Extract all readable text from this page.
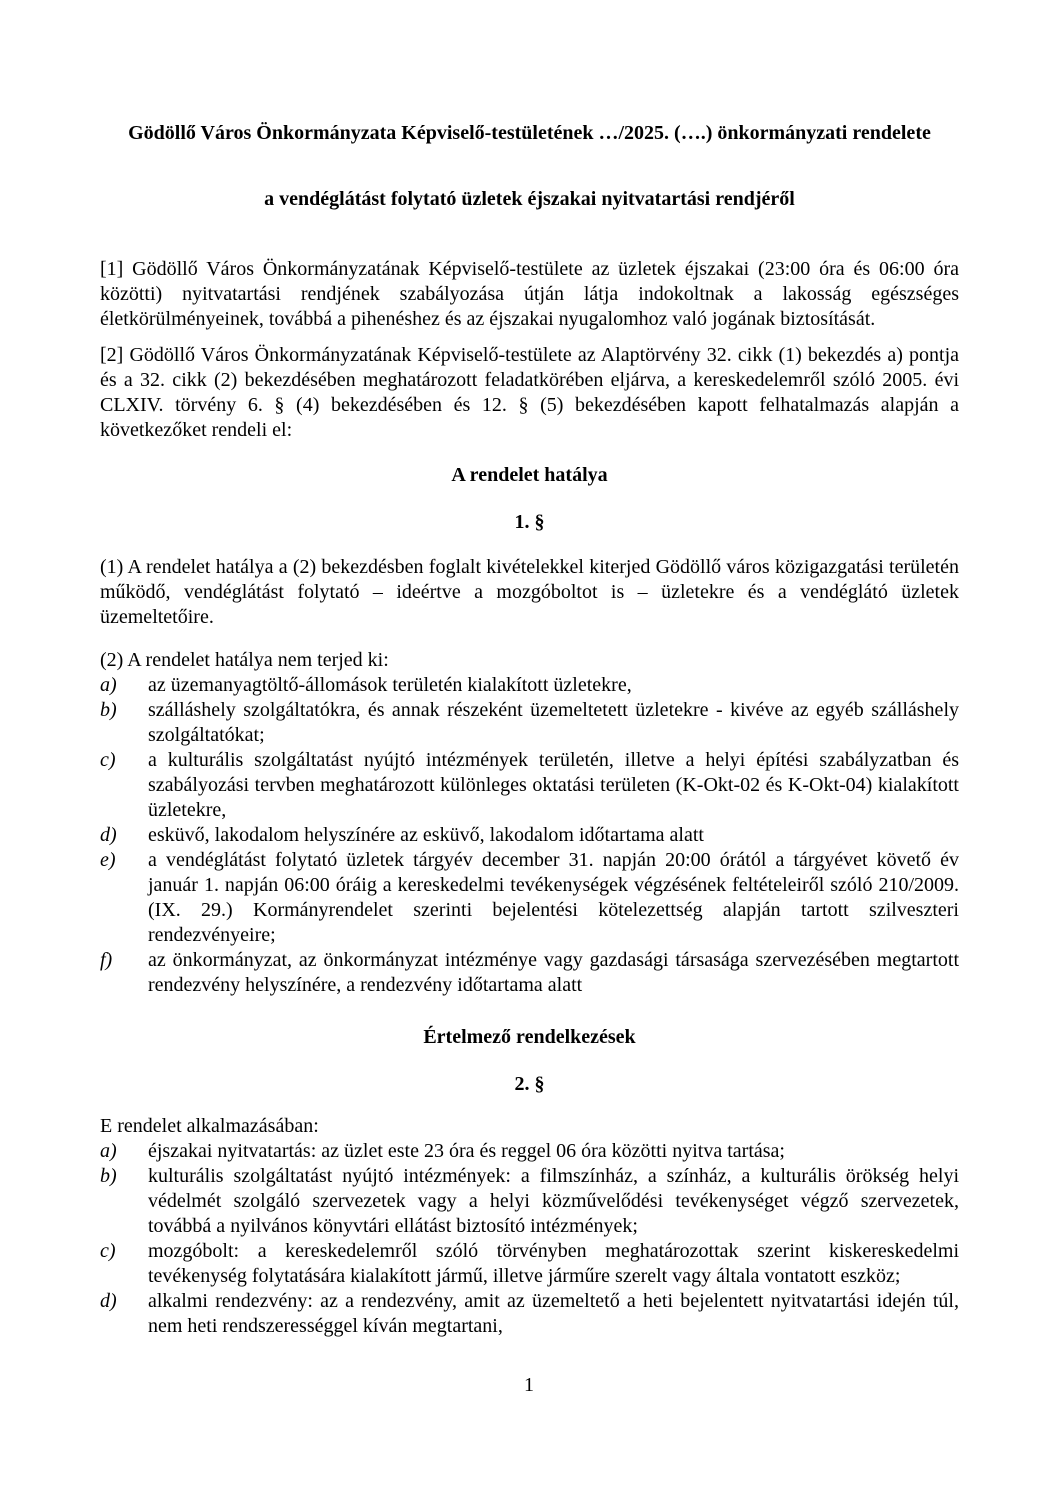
Gödöllő Város Önkormányzata Képviselő-testületének …/2025. (….) önkormányzati rendelete

a vendéglátást folytató üzletek éjszakai nyitvatartási rendjéről

[1] Gödöllő Város Önkormányzatának Képviselő-testülete az üzletek éjszakai (23:00 óra és 06:00 óra közötti) nyitvatartási rendjének szabályozása útján látja indokoltnak a lakosság egészséges életkörülményeinek, továbbá a pihenéshez és az éjszakai nyugalomhoz való jogának biztosítását.

[2] Gödöllő Város Önkormányzatának Képviselő-testülete az Alaptörvény 32. cikk (1) bekezdés a) pontja és a 32. cikk (2) bekezdésében meghatározott feladatkörében eljárva, a kereskedelemről szóló 2005. évi CLXIV. törvény 6. § (4) bekezdésében és 12. § (5) bekezdésében kapott felhatalmazás alapján a következőket rendeli el:

A rendelet hatálya

1. §

(1) A rendelet hatálya a (2) bekezdésben foglalt kivételekkel kiterjed Gödöllő város közigazgatási területén működő, vendéglátást folytató – ideértve a mozgóboltot is – üzletekre és a vendéglátó üzletek üzemeltetőire.

(2) A rendelet hatálya nem terjed ki:

a) az üzemanyagtöltő-állomások területén kialakított üzletekre,
b) szálláshely szolgáltatókra, és annak részeként üzemeltetett üzletekre - kivéve az egyéb szálláshely szolgáltatókat;
c) a kulturális szolgáltatást nyújtó intézmények területén, illetve a helyi építési szabályzatban és szabályozási tervben meghatározott különleges oktatási területen (K-Okt-02 és K-Okt-04) kialakított üzletekre,
d) esküvő, lakodalom helyszínére az esküvő, lakodalom időtartama alatt
e) a vendéglátást folytató üzletek tárgyév december 31. napján 20:00 órától a tárgyévet követő év január 1. napján 06:00 óráig a kereskedelmi tevékenységek végzésének feltételeiről szóló 210/2009. (IX. 29.) Kormányrendelet szerinti bejelentési kötelezettség alapján tartott szilveszteri rendezvényeire;
f) az önkormányzat, az önkormányzat intézménye vagy gazdasági társasága szervezésében megtartott rendezvény helyszínére, a rendezvény időtartama alatt

Értelmező rendelkezések

2. §

E rendelet alkalmazásában:

a) éjszakai nyitvatartás: az üzlet este 23 óra és reggel 06 óra közötti nyitva tartása;
b) kulturális szolgáltatást nyújtó intézmények: a filmszínház, a színház, a kulturális örökség helyi védelmét szolgáló szervezetek vagy a helyi közművelődési tevékenységet végző szervezetek, továbbá a nyilvános könyvtári ellátást biztosító intézmények;
c) mozgóbolt: a kereskedelemről szóló törvényben meghatározottak szerint kiskereskedelmi tevékenység folytatására kialakított jármű, illetve járműre szerelt vagy általa vontatott eszköz;
d) alkalmi rendezvény: az a rendezvény, amit az üzemeltető a heti bejelentett nyitvatartási idején túl, nem heti rendszerességgel kíván megtartani,

1
